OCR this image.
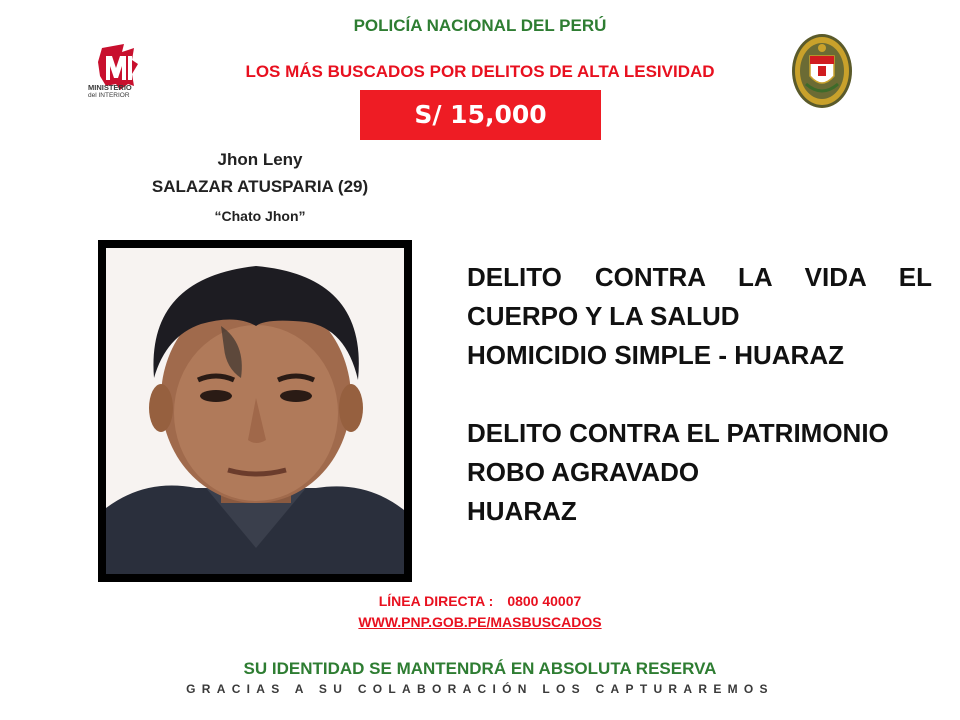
POLICÍA NACIONAL DEL PERÚ
LOS MÁS BUSCADOS POR DELITOS DE ALTA LESIVIDAD
MINISTERIO
del INTERIOR
S/ 15,000
Jhon Leny
SALAZAR ATUSPARIA (29)
“Chato Jhon”
DELITO CONTRA LA VIDA EL CUERPO Y LA SALUD
HOMICIDIO SIMPLE - HUARAZ
DELITO CONTRA EL PATRIMONIO
ROBO AGRAVADO
HUARAZ
LÍNEA DIRECTA : 0800 40007
WWW.PNP.GOB.PE/MASBUSCADOS
SU IDENTIDAD SE MANTENDRÁ EN ABSOLUTA RESERVA
GRACIAS A SU COLABORACIÓN LOS CAPTURAREMOS
